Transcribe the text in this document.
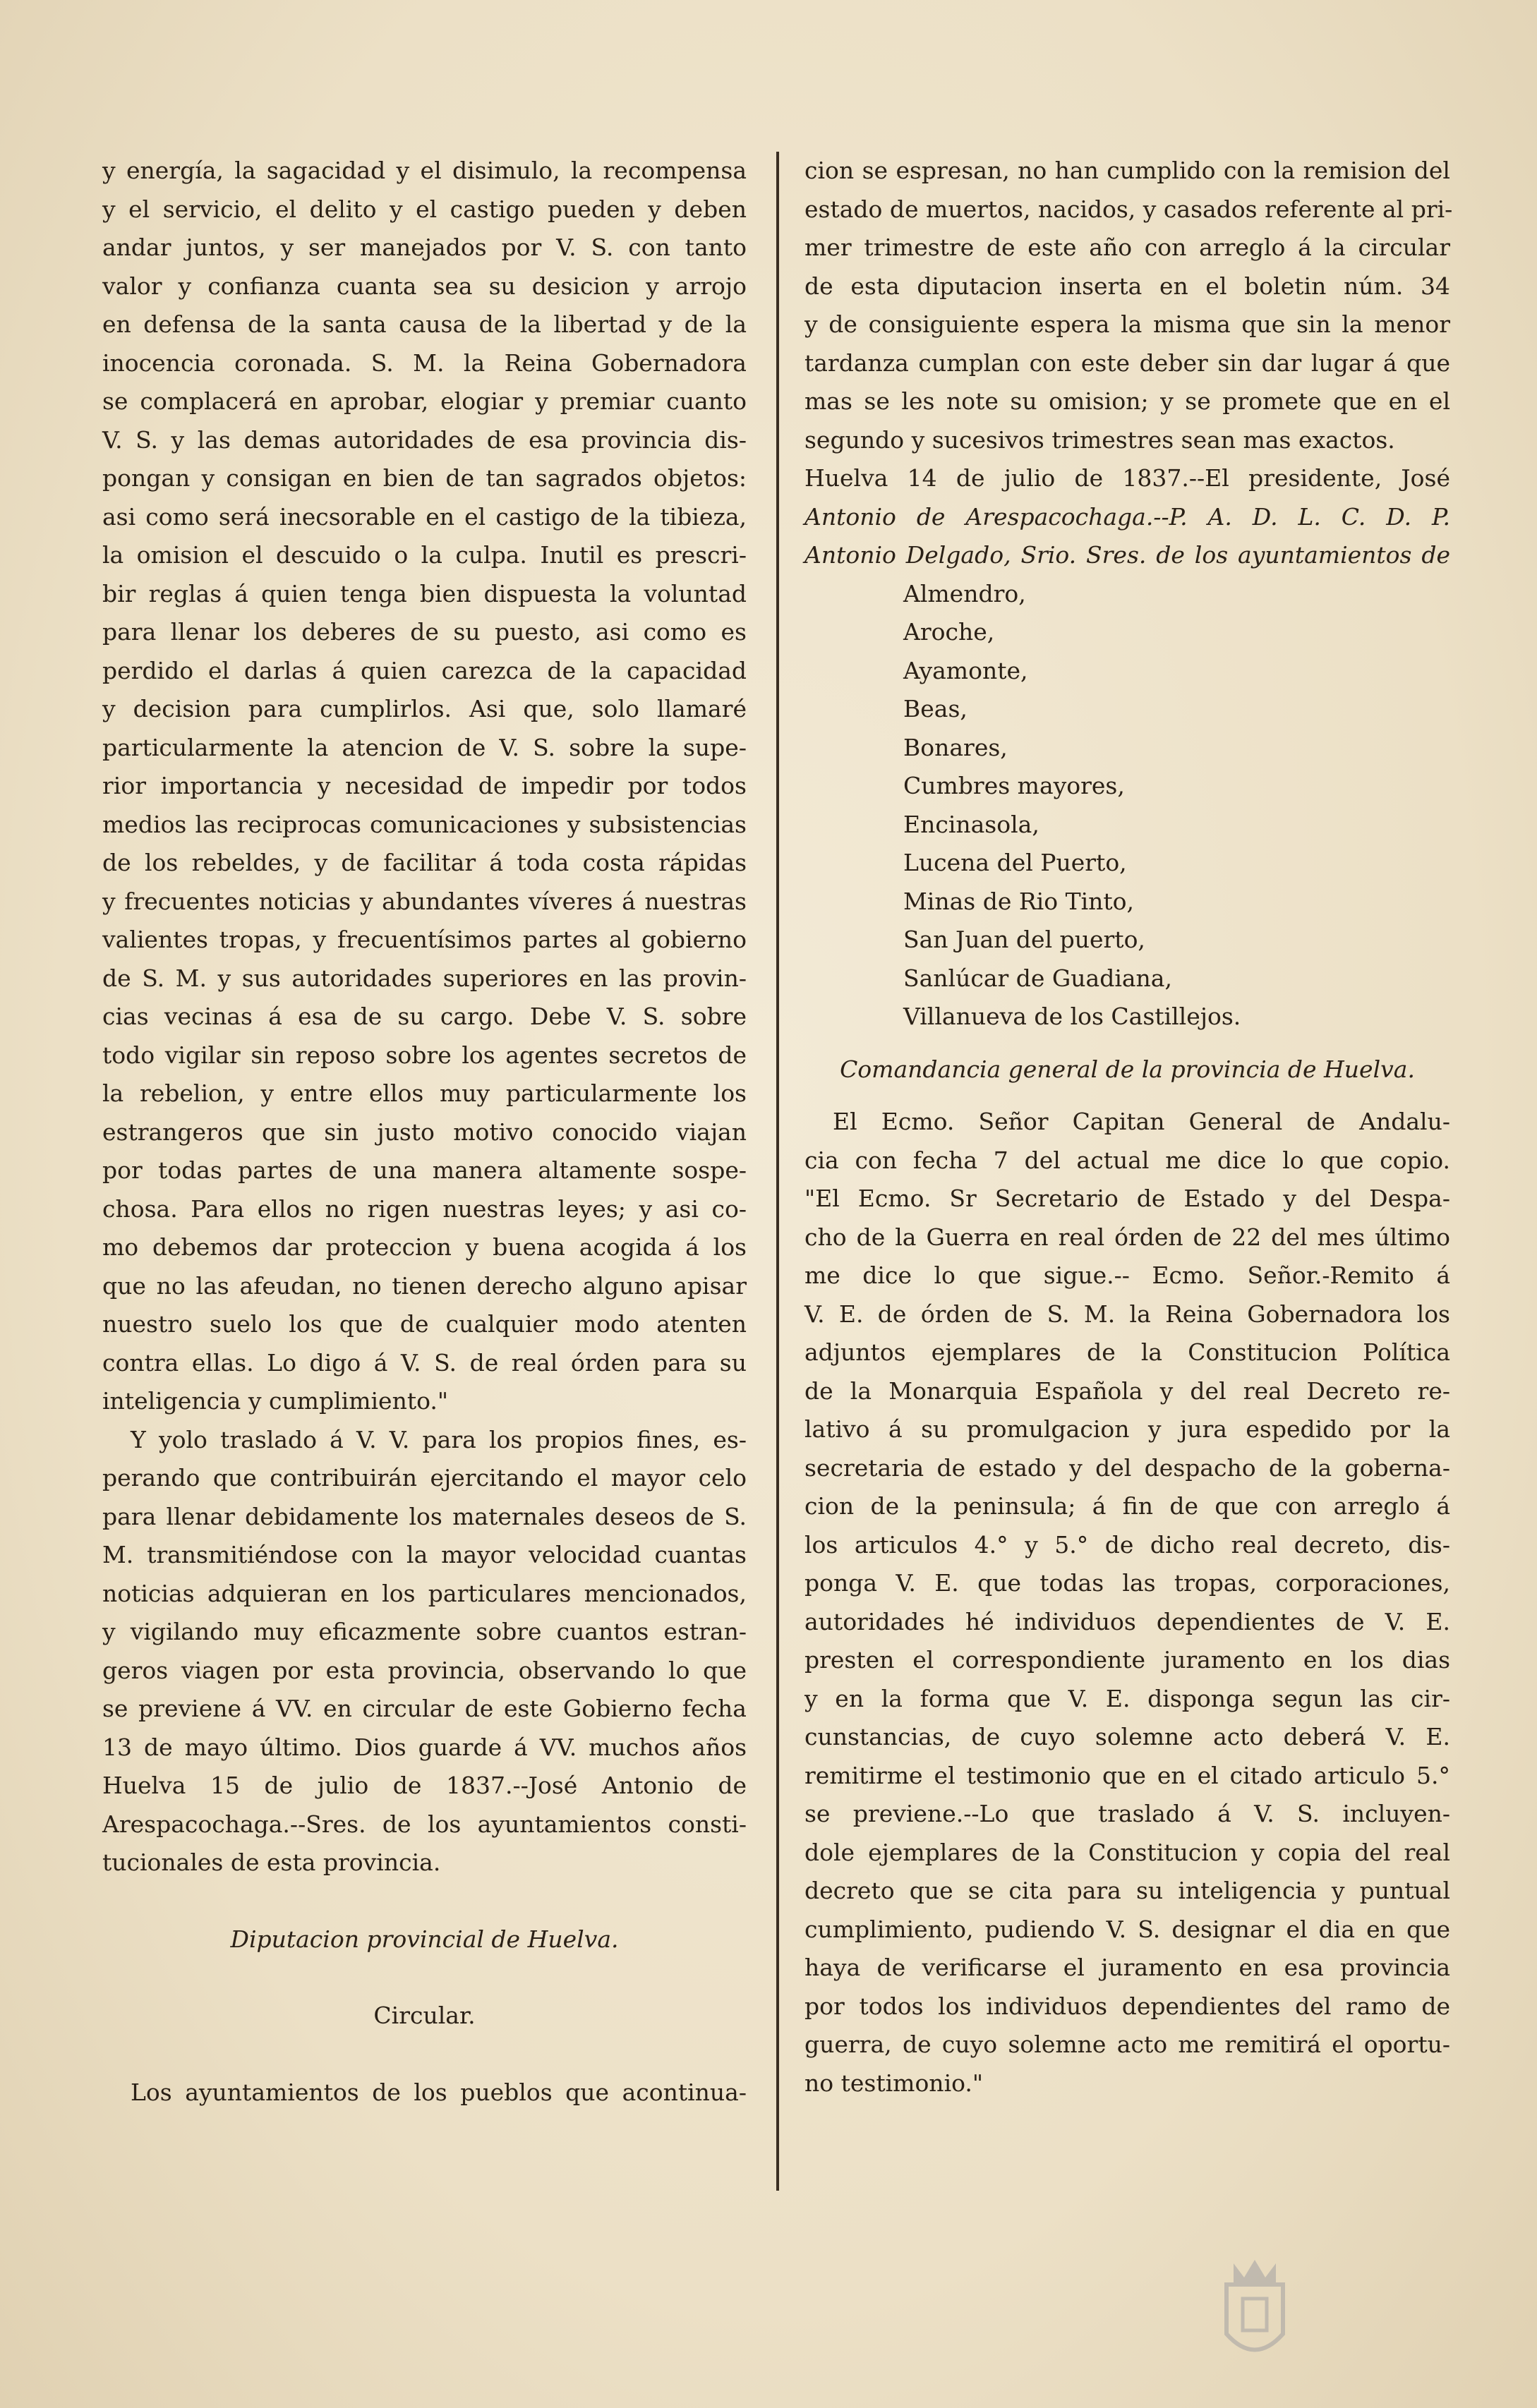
y energía, la sagacidad y el disimulo, la recompensa
y el servicio, el delito y el castigo pueden y deben
andar juntos, y ser manejados por V. S. con tanto
valor y confianza cuanta sea su desicion y arrojo
en defensa de la santa causa de la libertad y de la
inocencia coronada. S. M. la Reina Gobernadora
se complacerá en aprobar, elogiar y premiar cuanto
V. S. y las demas autoridades de esa provincia dis-
pongan y consigan en bien de tan sagrados objetos:
asi como será inecsorable en el castigo de la tibieza,
la omision el descuido o la culpa. Inutil es prescri-
bir reglas á quien tenga bien dispuesta la voluntad
para llenar los deberes de su puesto, asi como es
perdido el darlas á quien carezca de la capacidad
y decision para cumplirlos. Asi que, solo llamaré
particularmente la atencion de V. S. sobre la supe-
rior importancia y necesidad de impedir por todos
medios las reciprocas comunicaciones y subsistencias
de los rebeldes, y de facilitar á toda costa rápidas
y frecuentes noticias y abundantes víveres á nuestras
valientes tropas, y frecuentísimos partes al gobierno
de S. M. y sus autoridades superiores en las provin-
cias vecinas á esa de su cargo. Debe V. S. sobre
todo vigilar sin reposo sobre los agentes secretos de
la rebelion, y entre ellos muy particularmente los
estrangeros que sin justo motivo conocido viajan
por todas partes de una manera altamente sospe-
chosa. Para ellos no rigen nuestras leyes; y asi co-
mo debemos dar proteccion y buena acogida á los
que no las afeudan, no tienen derecho alguno apisar
nuestro suelo los que de cualquier modo atenten
contra ellas. Lo digo á V. S. de real órden para su
inteligencia y cumplimiento."
Y yolo traslado á V. V. para los propios fines, es-
perando que contribuirán ejercitando el mayor celo
para llenar debidamente los maternales deseos de S.
M. transmitiéndose con la mayor velocidad cuantas
noticias adquieran en los particulares mencionados,
y vigilando muy eficazmente sobre cuantos estran-
geros viagen por esta provincia, observando lo que
se previene á VV. en circular de este Gobierno fecha
13 de mayo último. Dios guarde á VV. muchos años
Huelva 15 de julio de 1837.--José Antonio de
Arespacochaga.--Sres. de los ayuntamientos consti-
tucionales de esta provincia.
Diputacion provincial de Huelva.
Circular.
Los ayuntamientos de los pueblos que acontinua-
cion se espresan, no han cumplido con la remision del
estado de muertos, nacidos, y casados referente al pri-
mer trimestre de este año con arreglo á la circular
de esta diputacion inserta en el boletin núm. 34
y de consiguiente espera la misma que sin la menor
tardanza cumplan con este deber sin dar lugar á que
mas se les note su omision; y se promete que en el
segundo y sucesivos trimestres sean mas exactos.
Huelva 14 de julio de 1837.--El presidente, José
Antonio de Arespacochaga.--P. A. D. L. C. D. P.
Antonio Delgado, Srio. Sres. de los ayuntamientos de
Almendro,
Aroche,
Ayamonte,
Beas,
Bonares,
Cumbres mayores,
Encinasola,
Lucena del Puerto,
Minas de Rio Tinto,
San Juan del puerto,
Sanlúcar de Guadiana,
Villanueva de los Castillejos.
Comandancia general de la provincia de Huelva.
El Ecmo. Señor Capitan General de Andalu-
cia con fecha 7 del actual me dice lo que copio.
"El Ecmo. Sr Secretario de Estado y del Despa-
cho de la Guerra en real órden de 22 del mes último
me dice lo que sigue.-- Ecmo. Señor.-Remito á
V. E. de órden de S. M. la Reina Gobernadora los
adjuntos ejemplares de la Constitucion Política
de la Monarquia Española y del real Decreto re-
lativo á su promulgacion y jura espedido por la
secretaria de estado y del despacho de la goberna-
cion de la peninsula; á fin de que con arreglo á
los articulos 4.° y 5.° de dicho real decreto, dis-
ponga V. E. que todas las tropas, corporaciones,
autoridades hé individuos dependientes de V. E.
presten el correspondiente juramento en los dias
y en la forma que V. E. disponga segun las cir-
cunstancias, de cuyo solemne acto deberá V. E.
remitirme el testimonio que en el citado articulo 5.°
se previene.--Lo que traslado á V. S. incluyen-
dole ejemplares de la Constitucion y copia del real
decreto que se cita para su inteligencia y puntual
cumplimiento, pudiendo V. S. designar el dia en que
haya de verificarse el juramento en esa provincia
por todos los individuos dependientes del ramo de
guerra, de cuyo solemne acto me remitirá el oportu-
no testimonio."
